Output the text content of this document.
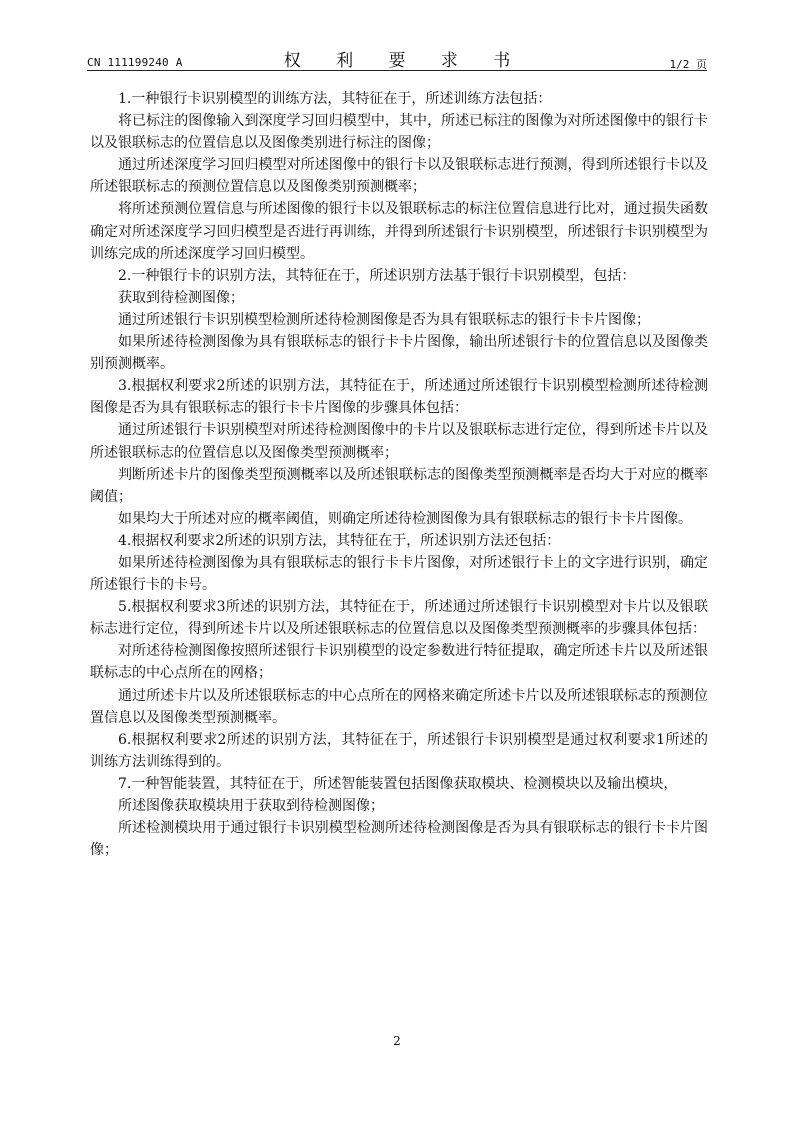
CN 111199240 A	权 利 要 求 书	1/2 页

1.一种银行卡识别模型的训练方法，其特征在于，所述训练方法包括：

将已标注的图像输入到深度学习回归模型中，其中，所述已标注的图像为对所述图像中的银行卡以及银联标志的位置信息以及图像类别进行标注的图像；

通过所述深度学习回归模型对所述图像中的银行卡以及银联标志进行预测，得到所述银行卡以及所述银联标志的预测位置信息以及图像类别预测概率；

将所述预测位置信息与所述图像的银行卡以及银联标志的标注位置信息进行比对，通过损失函数确定对所述深度学习回归模型是否进行再训练，并得到所述银行卡识别模型，所述银行卡识别模型为训练完成的所述深度学习回归模型。

2.一种银行卡的识别方法，其特征在于，所述识别方法基于银行卡识别模型，包括：

获取到待检测图像；

通过所述银行卡识别模型检测所述待检测图像是否为具有银联标志的银行卡卡片图像；

如果所述待检测图像为具有银联标志的银行卡卡片图像，输出所述银行卡的位置信息以及图像类别预测概率。

3.根据权利要求2所述的识别方法，其特征在于，所述通过所述银行卡识别模型检测所述待检测图像是否为具有银联标志的银行卡卡片图像的步骤具体包括：

通过所述银行卡识别模型对所述待检测图像中的卡片以及银联标志进行定位，得到所述卡片以及所述银联标志的位置信息以及图像类型预测概率；

判断所述卡片的图像类型预测概率以及所述银联标志的图像类型预测概率是否均大于对应的概率阈值；

如果均大于所述对应的概率阈值，则确定所述待检测图像为具有银联标志的银行卡卡片图像。

4.根据权利要求2所述的识别方法，其特征在于，所述识别方法还包括：

如果所述待检测图像为具有银联标志的银行卡卡片图像，对所述银行卡上的文字进行识别，确定所述银行卡的卡号。

5.根据权利要求3所述的识别方法，其特征在于，所述通过所述银行卡识别模型对卡片以及银联标志进行定位，得到所述卡片以及所述银联标志的位置信息以及图像类型预测概率的步骤具体包括：

对所述待检测图像按照所述银行卡识别模型的设定参数进行特征提取，确定所述卡片以及所述银联标志的中心点所在的网格；

通过所述卡片以及所述银联标志的中心点所在的网格来确定所述卡片以及所述银联标志的预测位置信息以及图像类型预测概率。

6.根据权利要求2所述的识别方法，其特征在于，所述银行卡识别模型是通过权利要求1所述的训练方法训练得到的。

7.一种智能装置，其特征在于，所述智能装置包括图像获取模块、检测模块以及输出模块，

所述图像获取模块用于获取到待检测图像；

所述检测模块用于通过银行卡识别模型检测所述待检测图像是否为具有银联标志的银行卡卡片图像；

2
